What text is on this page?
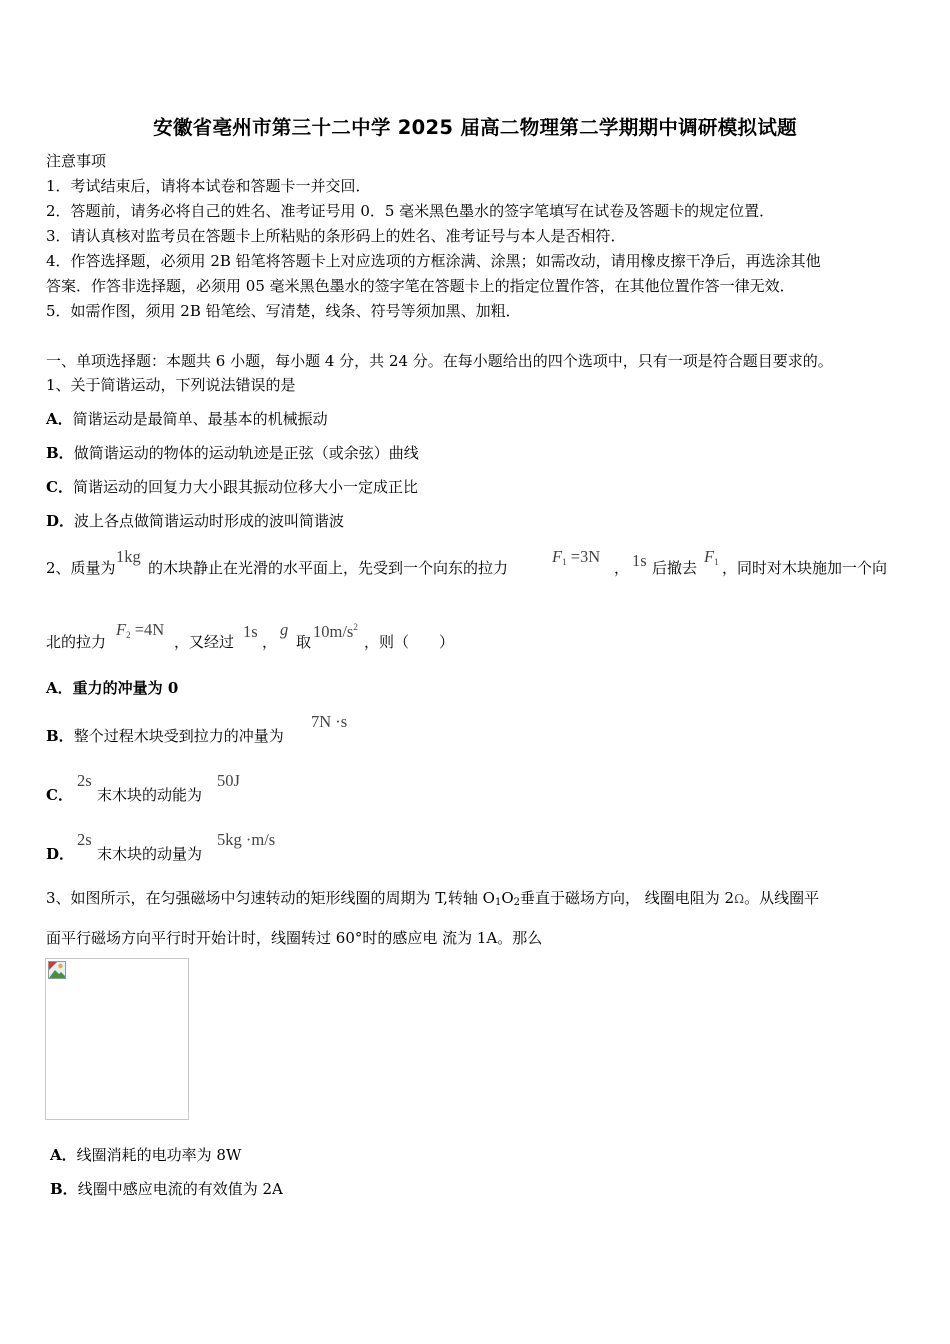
安徽省亳州市第三十二中学 2025 届高二物理第二学期期中调研模拟试题
注意事项
1．考试结束后，请将本试卷和答题卡一并交回．
2．答题前，请务必将自己的姓名、准考证号用 0．5 毫米黑色墨水的签字笔填写在试卷及答题卡的规定位置．
3．请认真核对监考员在答题卡上所粘贴的条形码上的姓名、准考证号与本人是否相符．
4．作答选择题，必须用 2B 铅笔将答题卡上对应选项的方框涂满、涂黑；如需改动，请用橡皮擦干净后，再选涂其他
答案．作答非选择题，必须用 05 毫米黑色墨水的签字笔在答题卡上的指定位置作答，在其他位置作答一律无效．
5．如需作图，须用 2B 铅笔绘、写清楚，线条、符号等须加黑、加粗．
一、单项选择题：本题共 6 小题，每小题 4 分，共 24 分。在每小题给出的四个选项中，只有一项是符合题目要求的。
1、关于简谐运动，下列说法错误的是
A．简谐运动是最简单、最基本的机械振动
B．做简谐运动的物体的运动轨迹是正弦（或余弦）曲线
C．简谐运动的回复力大小跟其振动位移大小一定成正比
D．波上各点做简谐运动时形成的波叫简谐波
2、质量为
1kg
的木块静止在光滑的水平面上，先受到一个向东的拉力
$F_1 =3N$
， 1s 后撤去
$F_1$ ，同时对木块施加一个向
北的拉力
$F_2 =4N$
，又经过
1s
，
g
取
$10m/s^2$
，则（　　）
A．重力的冲量为 0
B．整个过程木块受到拉力的冲量为
7N ·s
C．
2s
末木块的动能为
50J
D．
2s
末木块的动量为
5kg ·m/s
3、如图所示，在匀强磁场中匀速转动的矩形线圈的周期为 T,转轴 $O_1O_2$垂直于磁场方向， 线圈电阻为 2Ω。从线圈平
面平行磁场方向平行时开始计时，线圈转过 60°时的感应电 流为 1A。那么
A．线圈消耗的电功率为 8W
B．线圈中感应电流的有效值为 2A
